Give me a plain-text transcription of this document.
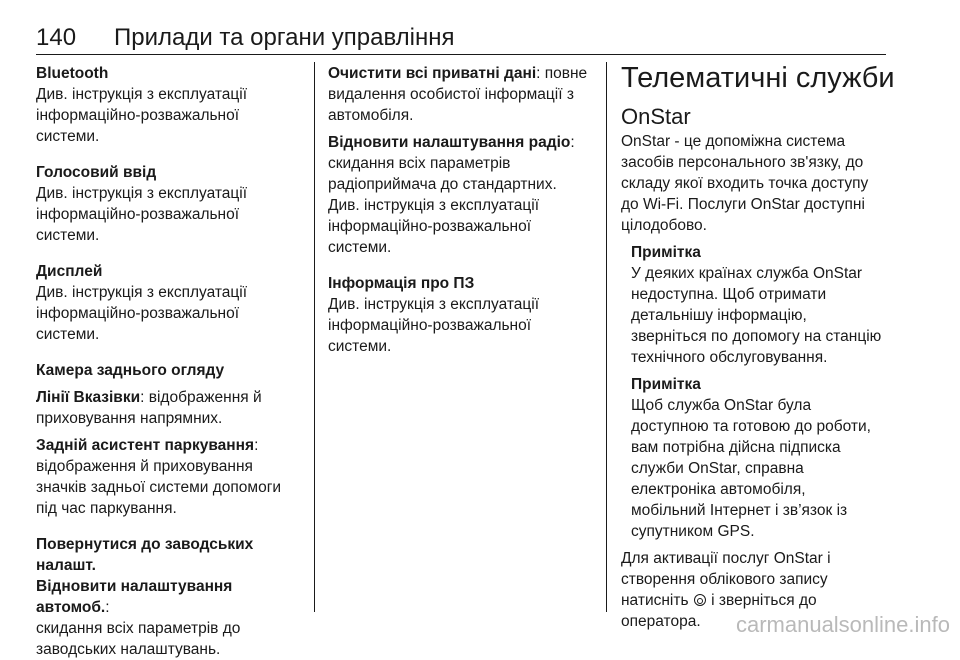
140 Прилади та органи управління
Bluetooth
Див. інструкція з експлуатації
інформаційно-розважальної
системи.
Голосовий ввід
Див. інструкція з експлуатації
інформаційно-розважальної
системи.
Дисплей
Див. інструкція з експлуатації
інформаційно-розважальної
системи.
Камера заднього огляду
Лінії Вказівки: відображення й
приховування напрямних.
Задній асистент паркування:
відображення й приховування
значків задньої системи допомоги
під час паркування.
Повернутися до заводських
налашт.
Відновити налаштування автомоб.:
скидання всіх параметрів до
заводських налаштувань.
Очистити всі приватні дані: повне
видалення особистої інформації з
автомобіля.
Відновити налаштування радіо:
скидання всіх параметрів
радіоприймача до стандартних.
Див. інструкція з експлуатації
інформаційно-розважальної
системи.
Інформація про ПЗ
Див. інструкція з експлуатації
інформаційно-розважальної
системи.
Телематичні служби
OnStar
OnStar - це допоміжна система
засобів персонального зв'язку, до
складу якої входить точка доступу
до Wi-Fi. Послуги OnStar доступні
цілодобово.
Примітка
У деяких країнах служба OnStar
недоступна. Щоб отримати
детальнішу інформацію,
зверніться по допомогу на станцію
технічного обслуговування.
Примітка
Щоб служба OnStar була
доступною та готовою до роботи,
вам потрібна дійсна підписка
служби OnStar, справна
електроніка автомобіля,
мобільний Інтернет і зв’язок із
супутником GPS.
Для активації послуг OnStar і
створення облікового запису
натисніть і зверніться до
оператора.	carmanualsonline.info
